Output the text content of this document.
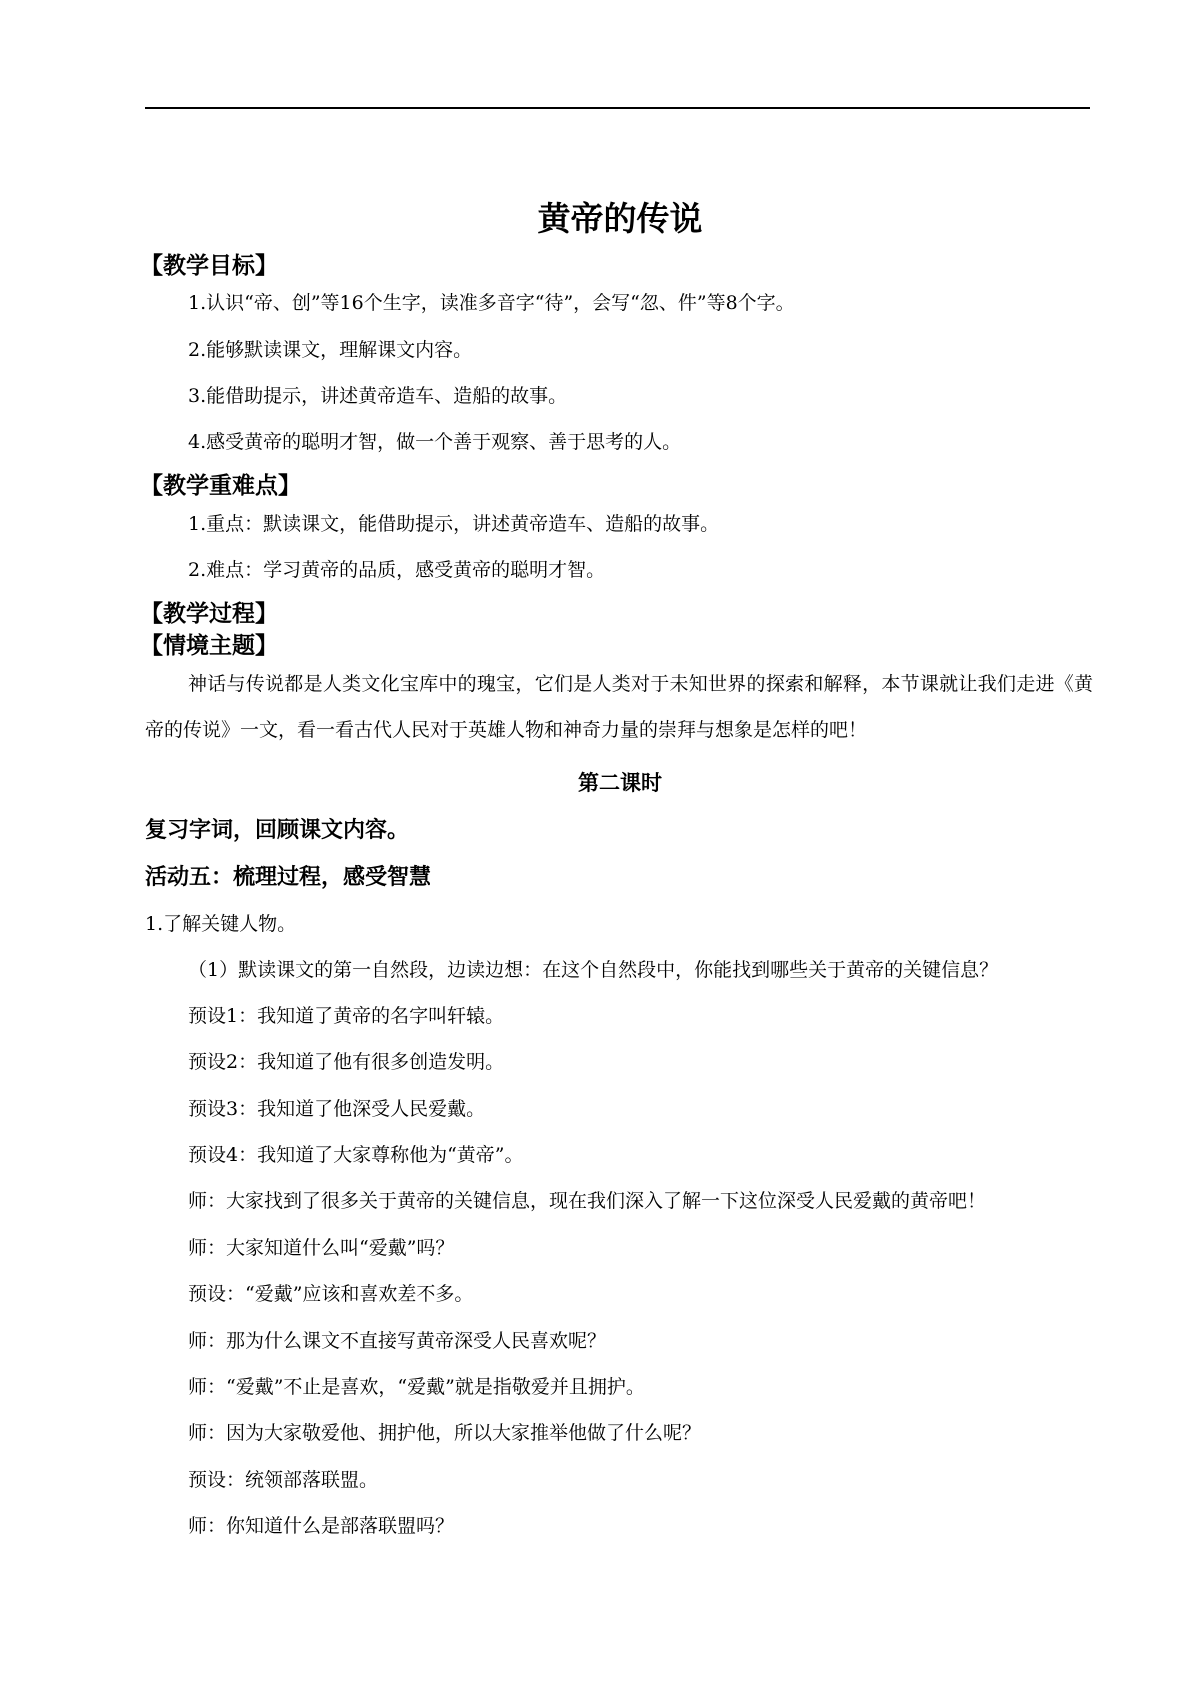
黄帝的传说
【教学目标】
1.认识“帝、创”等16个生字，读准多音字“待”，会写“忽、件”等8个字。
2.能够默读课文，理解课文内容。
3.能借助提示，讲述黄帝造车、造船的故事。
4.感受黄帝的聪明才智，做一个善于观察、善于思考的人。
【教学重难点】
1.重点：默读课文，能借助提示，讲述黄帝造车、造船的故事。
2.难点：学习黄帝的品质，感受黄帝的聪明才智。
【教学过程】
【情境主题】
神话与传说都是人类文化宝库中的瑰宝，它们是人类对于未知世界的探索和解释，本节课就让我们走进《黄帝的传说》一文，看一看古代人民对于英雄人物和神奇力量的崇拜与想象是怎样的吧！
第二课时
复习字词，回顾课文内容。
活动五：梳理过程，感受智慧
1.了解关键人物。
（1）默读课文的第一自然段，边读边想：在这个自然段中，你能找到哪些关于黄帝的关键信息？
预设1：我知道了黄帝的名字叫轩辕。
预设2：我知道了他有很多创造发明。
预设3：我知道了他深受人民爱戴。
预设4：我知道了大家尊称他为“黄帝”。
师：大家找到了很多关于黄帝的关键信息，现在我们深入了解一下这位深受人民爱戴的黄帝吧！
师：大家知道什么叫“爱戴”吗？
预设：“爱戴”应该和喜欢差不多。
师：那为什么课文不直接写黄帝深受人民喜欢呢？
师：“爱戴”不止是喜欢，“爱戴”就是指敬爱并且拥护。
师：因为大家敬爱他、拥护他，所以大家推举他做了什么呢？
预设：统领部落联盟。
师：你知道什么是部落联盟吗？
